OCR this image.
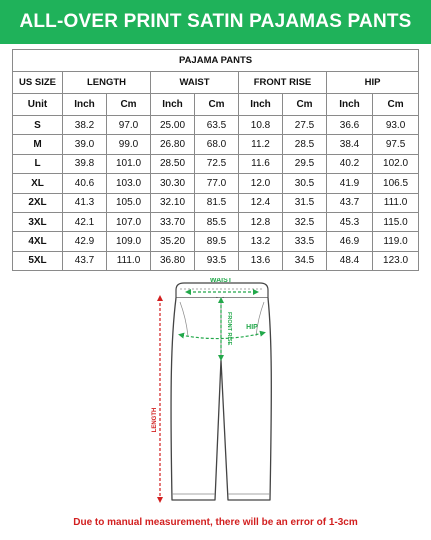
ALL-OVER PRINT SATIN PAJAMAS PANTS
PAJAMA PANTS								
US SIZE	LENGTH		WAIST		FRONT RISE		HIP	
Unit	Inch	Cm	Inch	Cm	Inch	Cm	Inch	Cm
S	38.2	97.0	25.00	63.5	10.8	27.5	36.6	93.0
M	39.0	99.0	26.80	68.0	11.2	28.5	38.4	97.5
L	39.8	101.0	28.50	72.5	11.6	29.5	40.2	102.0
XL	40.6	103.0	30.30	77.0	12.0	30.5	41.9	106.5
2XL	41.3	105.0	32.10	81.5	12.4	31.5	43.7	111.0
3XL	42.1	107.0	33.70	85.5	12.8	32.5	45.3	115.0
4XL	42.9	109.0	35.20	89.5	13.2	33.5	46.9	119.0
5XL	43.7	111.0	36.80	93.5	13.6	34.5	48.4	123.0
WAIST
FRONT RISE HIP
LENGTH
Due to manual measurement, there will be an error of 1-3cm
